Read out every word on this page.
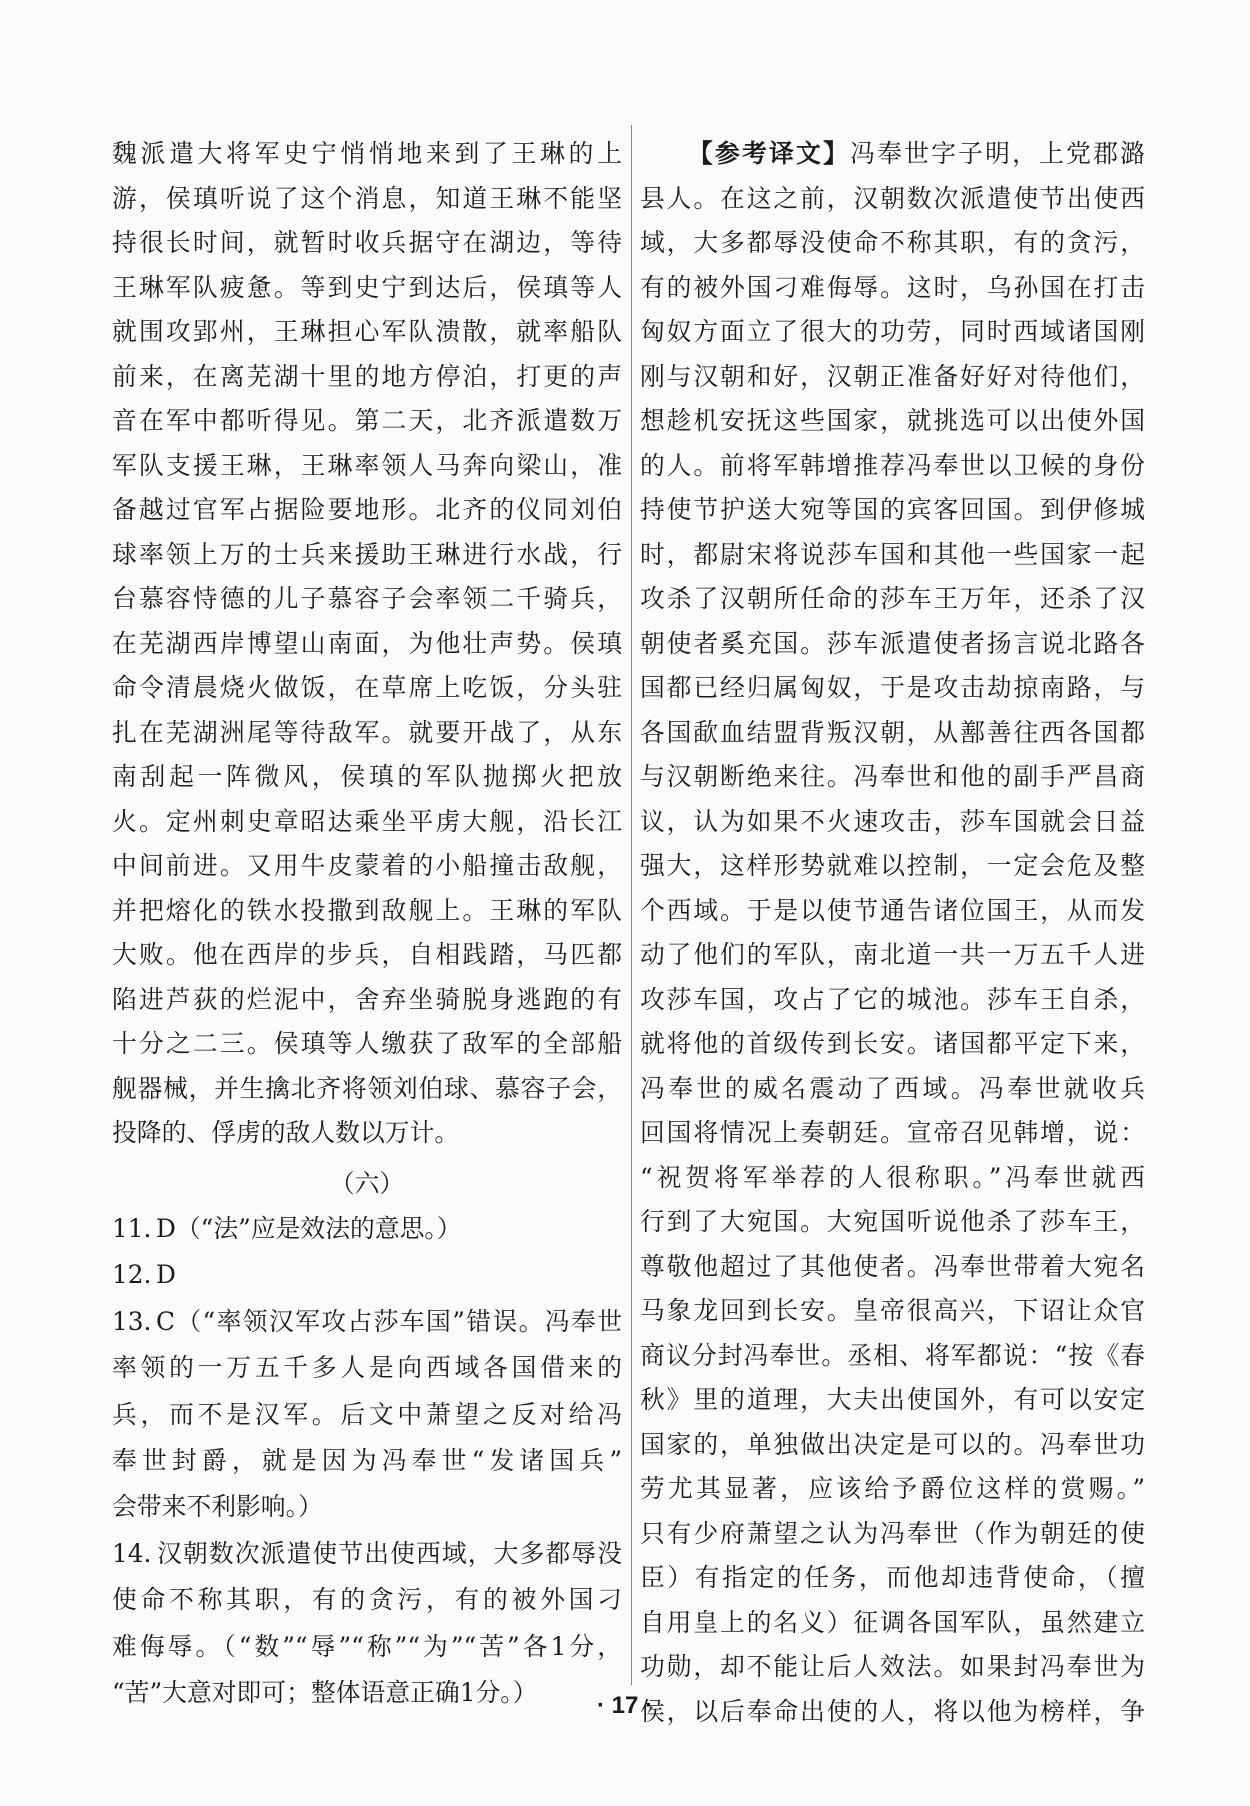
魏派遣大将军史宁悄悄地来到了王琳的上

游，侯瑱听说了这个消息，知道王琳不能坚

持很长时间，就暂时收兵据守在湖边，等待

王琳军队疲惫。等到史宁到达后，侯瑱等人

就围攻郢州，王琳担心军队溃散，就率船队

前来，在离芜湖十里的地方停泊，打更的声

音在军中都听得见。第二天，北齐派遣数万

军队支援王琳，王琳率领人马奔向梁山，准

备越过官军占据险要地形。北齐的仪同刘伯

球率领上万的士兵来援助王琳进行水战，行

台慕容恃德的儿子慕容子会率领二千骑兵，

在芜湖西岸博望山南面，为他壮声势。侯瑱

命令清晨烧火做饭，在草席上吃饭，分头驻

扎在芜湖洲尾等待敌军。就要开战了，从东

南刮起一阵微风，侯瑱的军队抛掷火把放

火。定州刺史章昭达乘坐平虏大舰，沿长江

中间前进。又用牛皮蒙着的小船撞击敌舰，

并把熔化的铁水投撒到敌舰上。王琳的军队

大败。他在西岸的步兵，自相践踏，马匹都

陷进芦荻的烂泥中，舍弃坐骑脱身逃跑的有

十分之二三。侯瑱等人缴获了敌军的全部船

舰器械，并生擒北齐将领刘伯球、慕容子会，

投降的、俘虏的敌人数以万计。

（六）

11. D（“法”应是效法的意思。）

12. D

13. C（“率领汉军攻占莎车国”错误。冯奉世

率领的一万五千多人是向西域各国借来的

兵，而不是汉军。后文中萧望之反对给冯

奉世封爵，就是因为冯奉世“发诸国兵”

会带来不利影响。）

14. 汉朝数次派遣使节出使西域，大多都辱没

使命不称其职，有的贪污，有的被外国刁

难侮辱。（“数”“辱”“称”“为”“苦”各1分，

“苦”大意对即可；整体语意正确1分。）

【参考译文】冯奉世字子明，上党郡潞

县人。在这之前，汉朝数次派遣使节出使西

域，大多都辱没使命不称其职，有的贪污，

有的被外国刁难侮辱。这时，乌孙国在打击

匈奴方面立了很大的功劳，同时西域诸国刚

刚与汉朝和好，汉朝正准备好好对待他们，

想趁机安抚这些国家，就挑选可以出使外国

的人。前将军韩增推荐冯奉世以卫候的身份

持使节护送大宛等国的宾客回国。到伊修城

时，都尉宋将说莎车国和其他一些国家一起

攻杀了汉朝所任命的莎车王万年，还杀了汉

朝使者奚充国。莎车派遣使者扬言说北路各

国都已经归属匈奴，于是攻击劫掠南路，与

各国歃血结盟背叛汉朝，从鄯善往西各国都

与汉朝断绝来往。冯奉世和他的副手严昌商

议，认为如果不火速攻击，莎车国就会日益

强大，这样形势就难以控制，一定会危及整

个西域。于是以使节通告诸位国王，从而发

动了他们的军队，南北道一共一万五千人进

攻莎车国，攻占了它的城池。莎车王自杀，

就将他的首级传到长安。诸国都平定下来，

冯奉世的威名震动了西域。冯奉世就收兵

回国将情况上奏朝廷。宣帝召见韩增，说：

“祝贺将军举荐的人很称职。”冯奉世就西

行到了大宛国。大宛国听说他杀了莎车王，

尊敬他超过了其他使者。冯奉世带着大宛名

马象龙回到长安。皇帝很高兴，下诏让众官

商议分封冯奉世。丞相、将军都说：“按《春

秋》里的道理，大夫出使国外，有可以安定

国家的，单独做出决定是可以的。冯奉世功

劳尤其显著，应该给予爵位这样的赏赐。”

只有少府萧望之认为冯奉世（作为朝廷的使

臣）有指定的任务，而他却违背使命，（擅

自用皇上的名义）征调各国军队，虽然建立

功勋，却不能让后人效法。如果封冯奉世为

侯，以后奉命出使的人，将以他为榜样，争

· 17 ·
